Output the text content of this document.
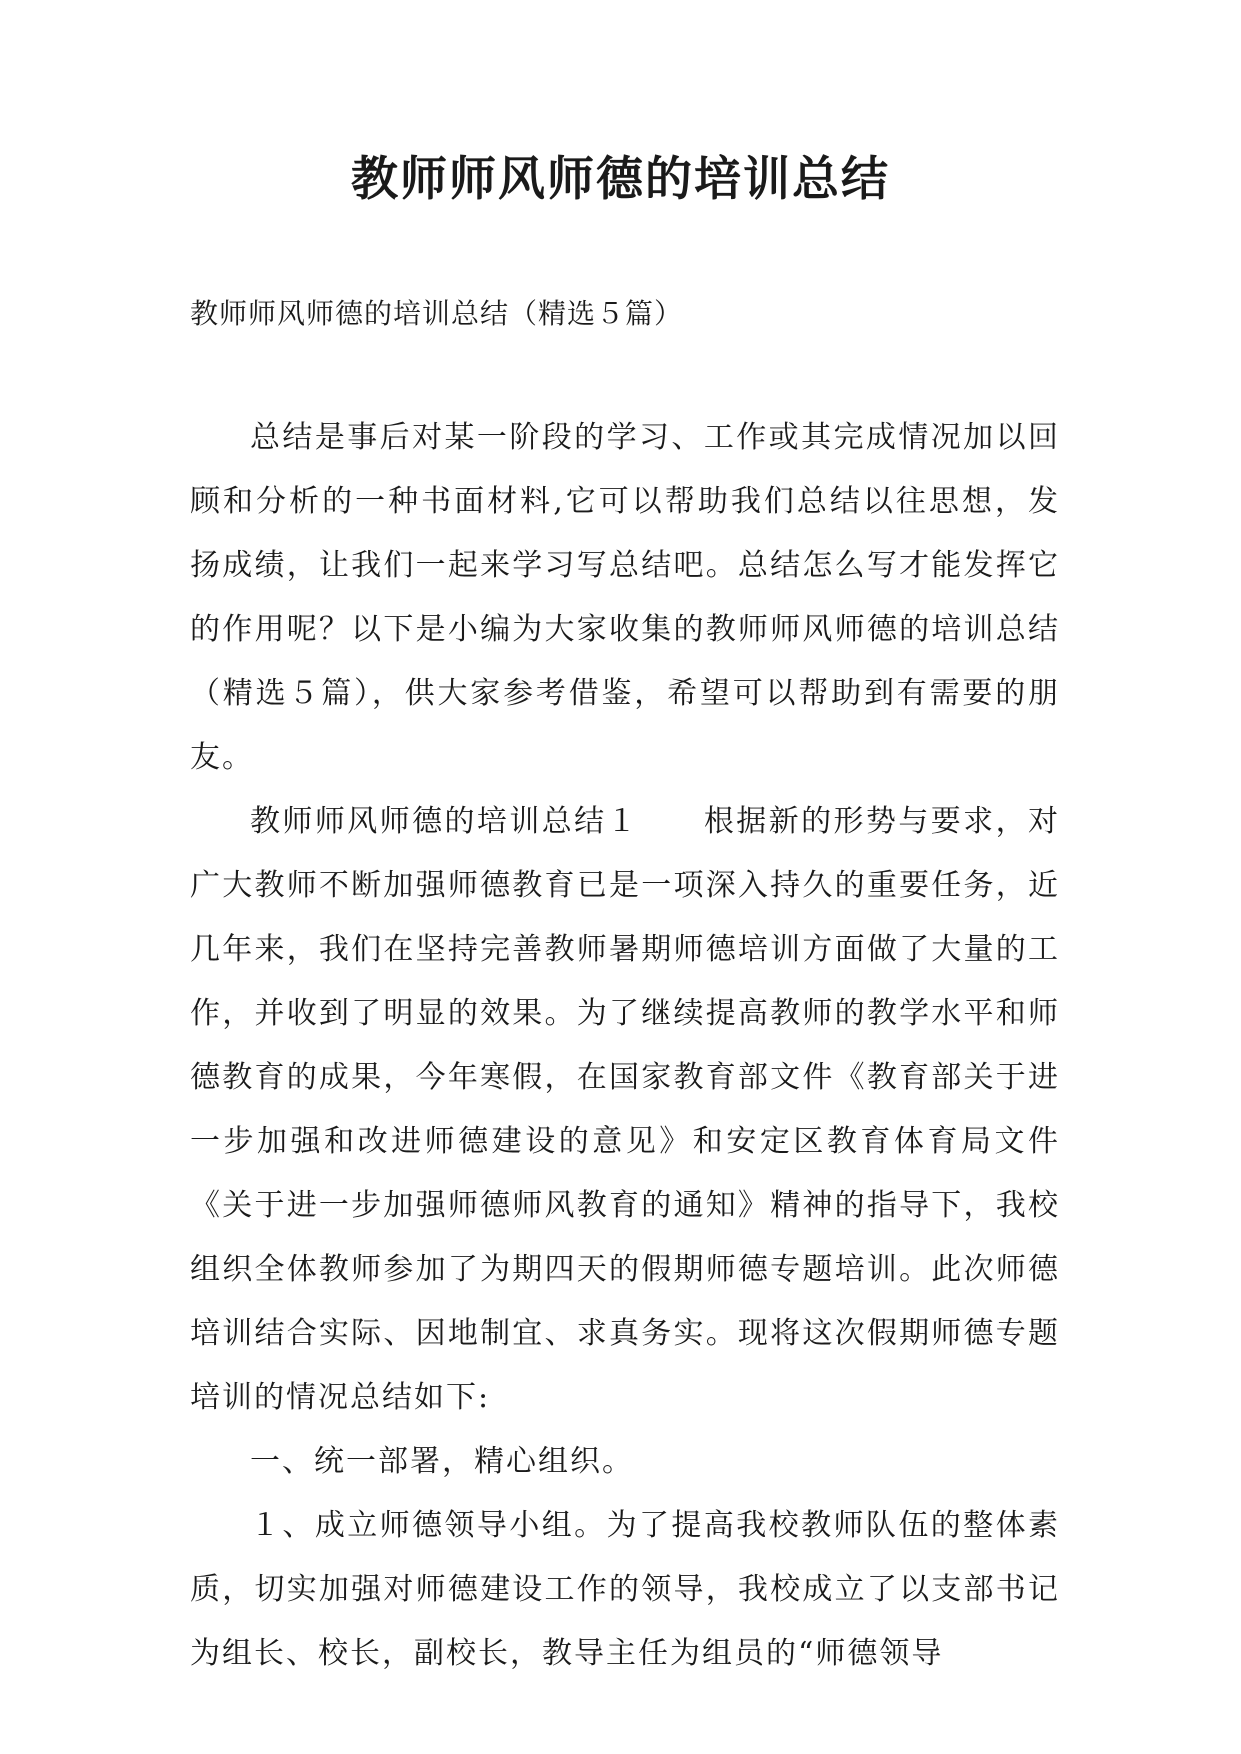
教师师风师德的培训总结

教师师风师德的培训总结（精选５篇）

总结是事后对某一阶段的学习、工作或其完成情况加以回顾和分析的一种书面材料,它可以帮助我们总结以往思想，发扬成绩，让我们一起来学习写总结吧。总结怎么写才能发挥它的作用呢？以下是小编为大家收集的教师师风师德的培训总结（精选５篇），供大家参考借鉴，希望可以帮助到有需要的朋友。

教师师风师德的培训总结１　　根据新的形势与要求，对广大教师不断加强师德教育已是一项深入持久的重要任务，近几年来，我们在坚持完善教师暑期师德培训方面做了大量的工作，并收到了明显的效果。为了继续提高教师的教学水平和师德教育的成果，今年寒假，在国家教育部文件《教育部关于进一步加强和改进师德建设的意见》和安定区教育体育局文件《关于进一步加强师德师风教育的通知》精神的指导下，我校组织全体教师参加了为期四天的假期师德专题培训。此次师德培训结合实际、因地制宜、求真务实。现将这次假期师德专题培训的情况总结如下:

一、统一部署，精心组织。

１、成立师德领导小组。为了提高我校教师队伍的整体素质，切实加强对师德建设工作的领导，我校成立了以支部书记为组长、校长，副校长，教导主任为组员的“师德领导
